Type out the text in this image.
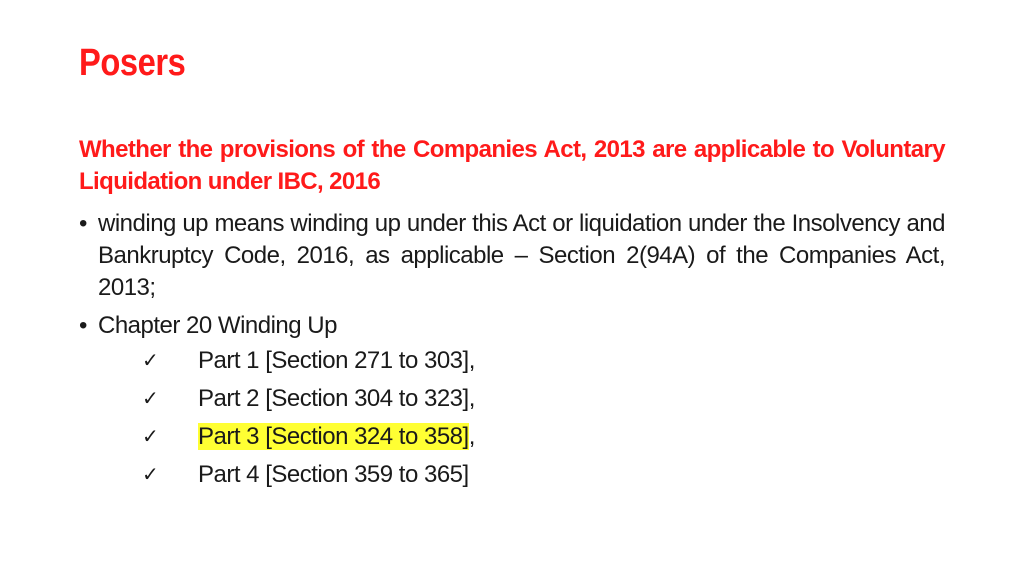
Posers

Whether the provisions of the Companies Act, 2013 are applicable to Voluntary Liquidation under IBC, 2016

• winding up means winding up under this Act or liquidation under the Insolvency and Bankruptcy Code, 2016, as applicable – Section 2(94A) of the Companies Act, 2013;
• Chapter 20 Winding Up
✓ Part 1 [Section 271 to 303],
✓ Part 2 [Section 304 to 323],
✓ Part 3 [Section 324 to 358],
✓ Part 4 [Section 359 to 365]
